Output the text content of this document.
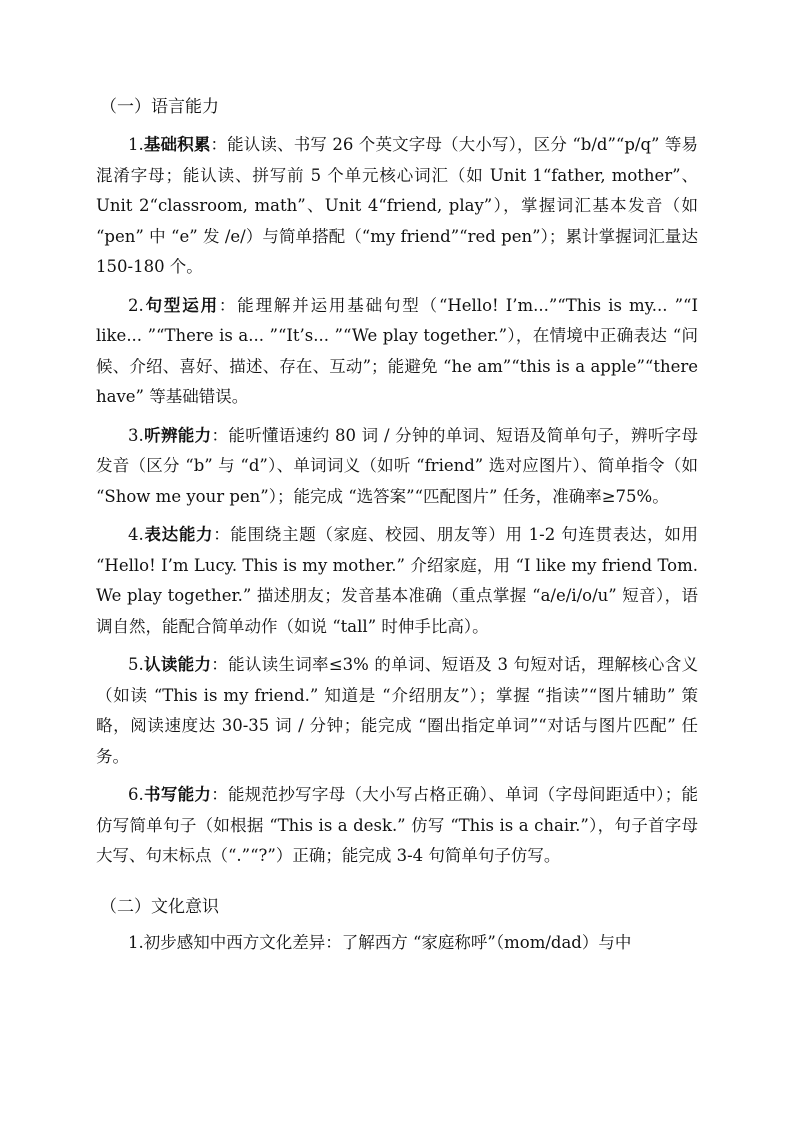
（一）语言能力

1.基础积累：能认读、书写 26 个英文字母（大小写），区分 “b/d”“p/q” 等易混淆字母；能认读、拼写前 5 个单元核心词汇（如 Unit 1“father, mother”、Unit 2“classroom, math”、Unit 4“friend, play”），掌握词汇基本发音（如 “pen” 中 “e” 发 /e/）与简单搭配（“my friend”“red pen”）；累计掌握词汇量达150-180 个。

2.句型运用：能理解并运用基础句型（“Hello! I’m...”“This is my... ”“I like... ”“There is a... ”“It’s... ”“We play together.”），在情境中正确表达 “问候、介绍、喜好、描述、存在、互动”；能避免 “he am”“this is a apple”“there have” 等基础错误。

3.听辨能力：能听懂语速约 80 词 / 分钟的单词、短语及简单句子，辨听字母发音（区分 “b” 与 “d”）、单词词义（如听 “friend” 选对应图片）、简单指令（如 “Show me your pen”）；能完成 “选答案”“匹配图片” 任务，准确率≥75%。

4.表达能力：能围绕主题（家庭、校园、朋友等）用 1-2 句连贯表达，如用 “Hello! I’m Lucy. This is my mother.” 介绍家庭，用 “I like my friend Tom. We play together.” 描述朋友；发音基本准确（重点掌握 “a/e/i/o/u” 短音），语调自然，能配合简单动作（如说 “tall” 时伸手比高）。

5.认读能力：能认读生词率≤3% 的单词、短语及 3 句短对话，理解核心含义（如读 “This is my friend.” 知道是 “介绍朋友”）；掌握 “指读”“图片辅助” 策略，阅读速度达 30-35 词 / 分钟；能完成 “圈出指定单词”“对话与图片匹配” 任务。

6.书写能力：能规范抄写字母（大小写占格正确）、单词（字母间距适中）；能仿写简单句子（如根据 “This is a desk.” 仿写 “This is a chair.”），句子首字母大写、句末标点（“.”“?”）正确；能完成 3-4 句简单句子仿写。

（二）文化意识

1.初步感知中西方文化差异：了解西方 “家庭称呼”（mom/dad）与中
